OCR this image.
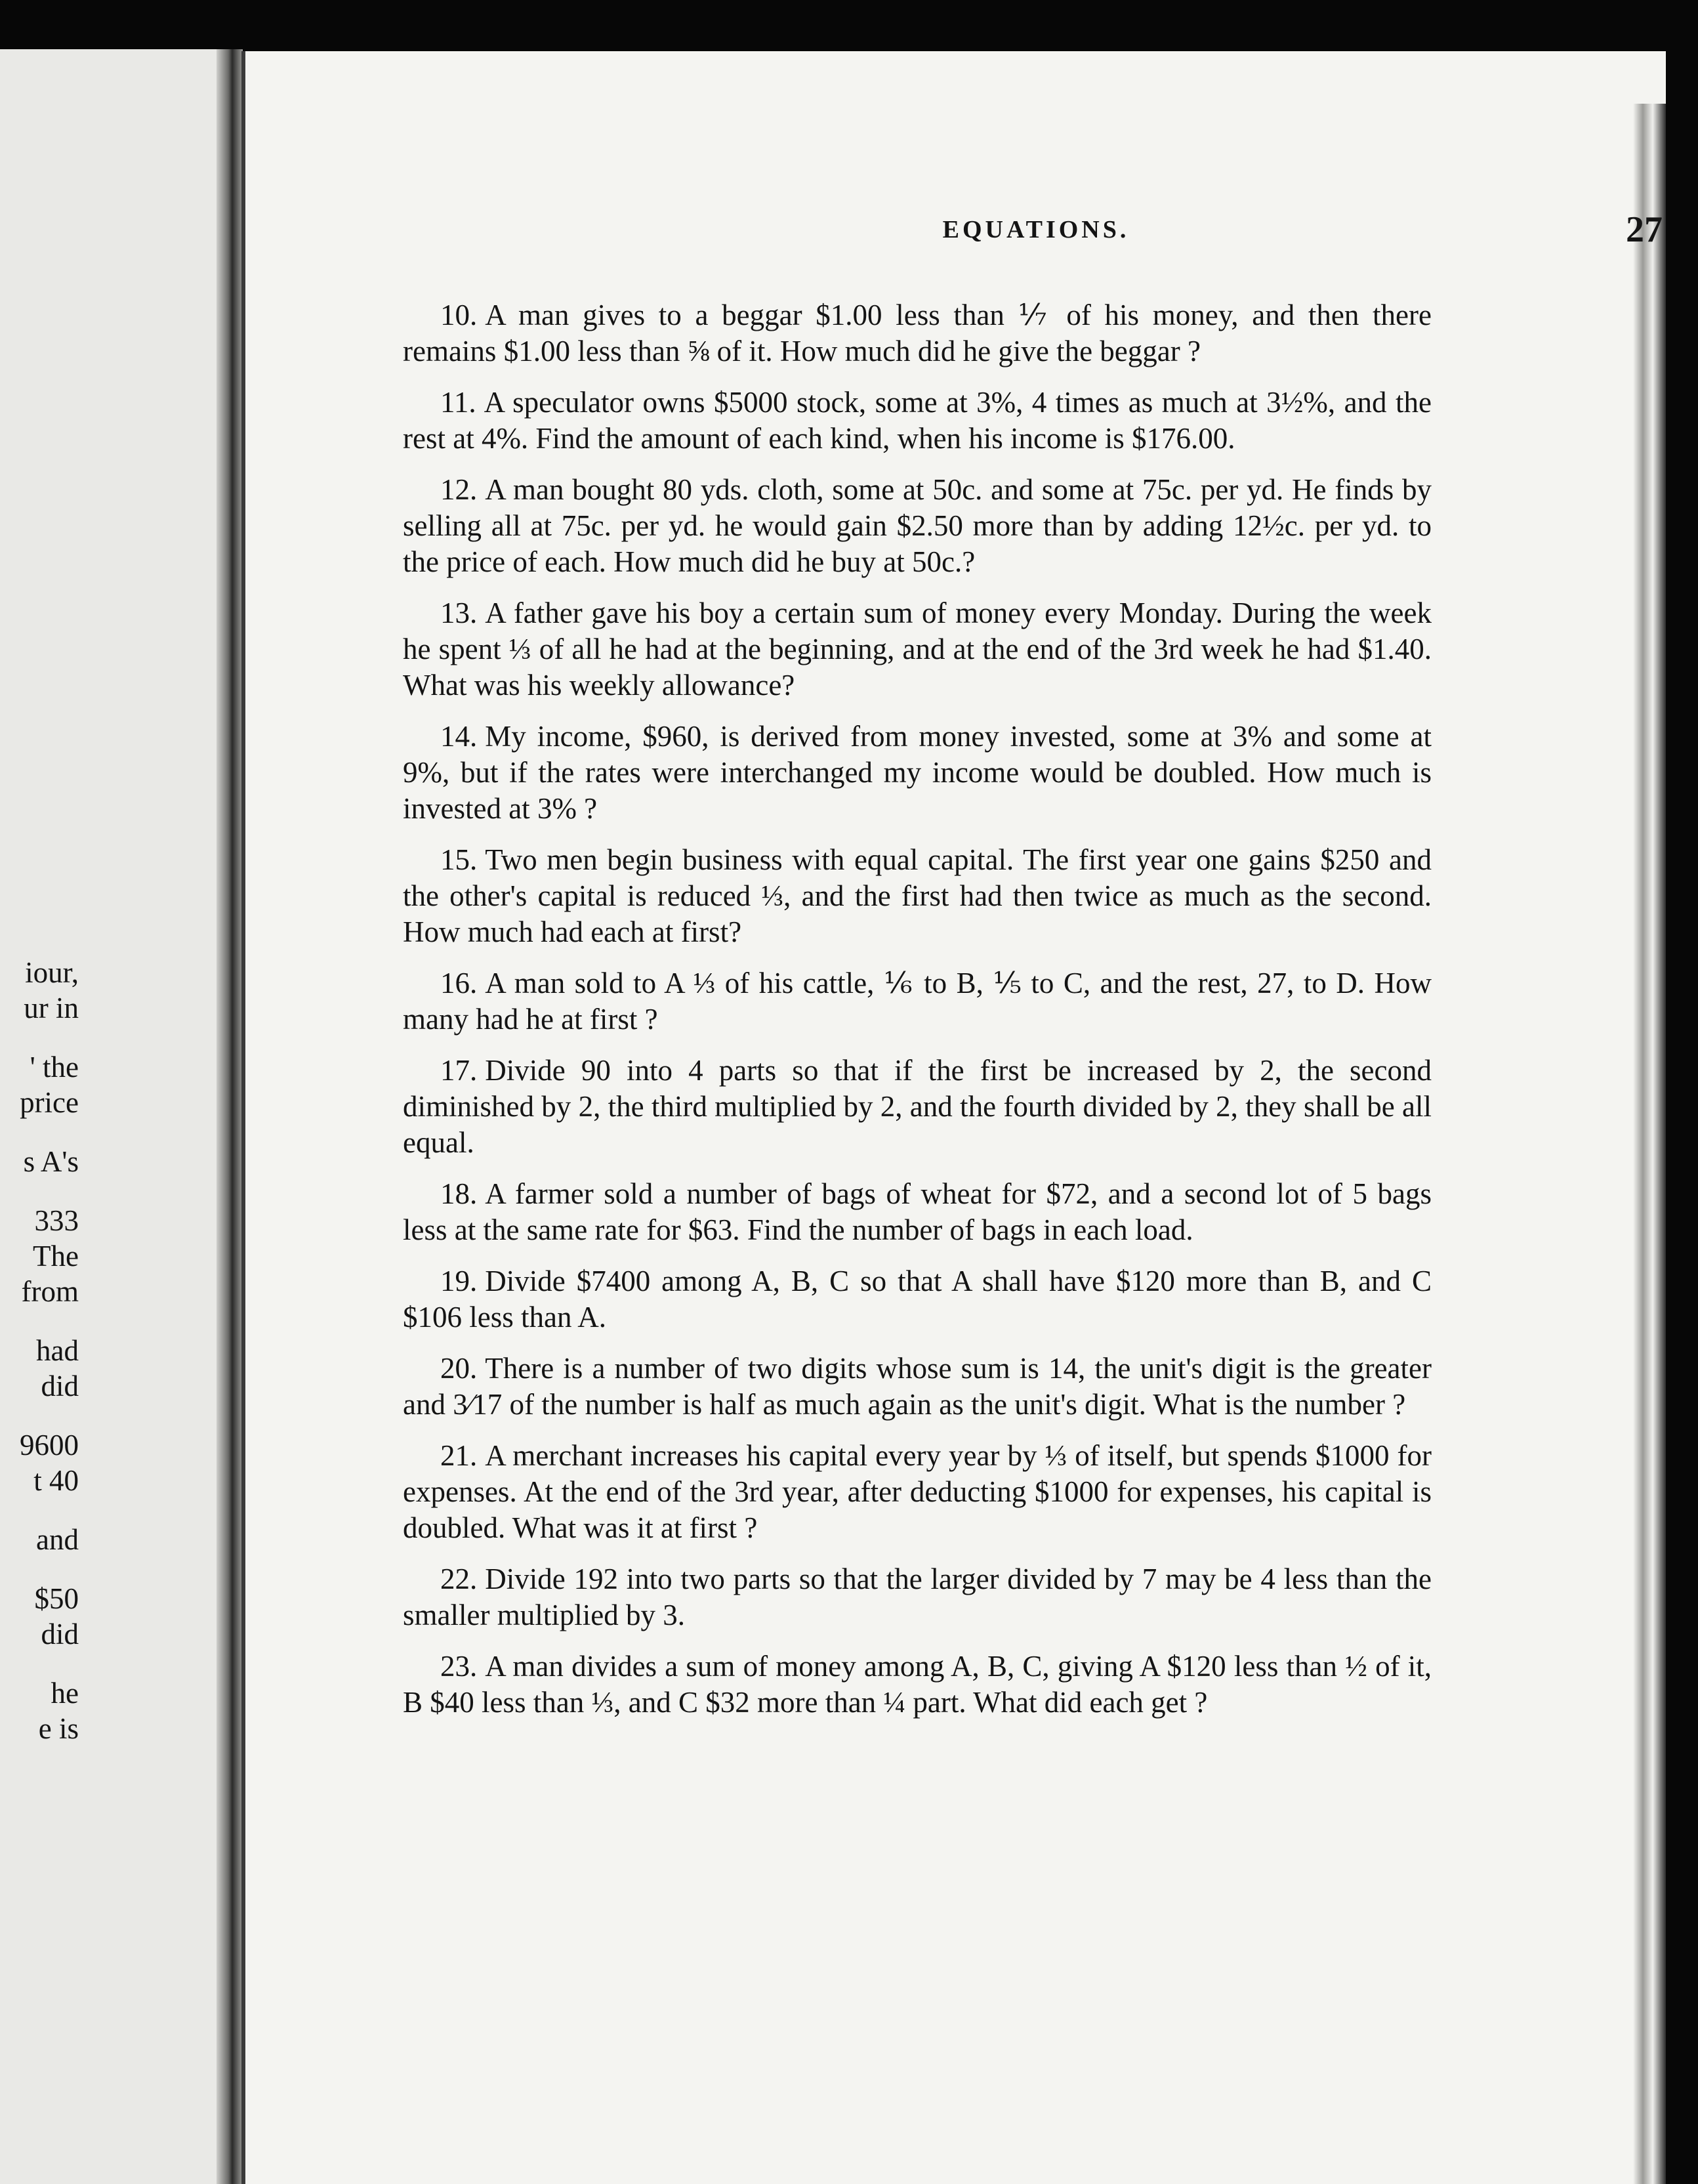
iour,
ur in
' the
price
s A's
333
The
from
had
did
9600
t 40
and
$50
did
he
e is
EQUATIONS.	27

10. A man gives to a beggar $1.00 less than ⅐ of his money, and then there remains $1.00 less than ⅝ of it. How much did he give the beggar ?

11. A speculator owns $5000 stock, some at 3%, 4 times as much at 3½%, and the rest at 4%. Find the amount of each kind, when his income is $176.00.

12. A man bought 80 yds. cloth, some at 50c. and some at 75c. per yd. He finds by selling all at 75c. per yd. he would gain $2.50 more than by adding 12½c. per yd. to the price of each. How much did he buy at 50c.?

13. A father gave his boy a certain sum of money every Monday. During the week he spent ⅓ of all he had at the beginning, and at the end of the 3rd week he had $1.40. What was his weekly allowance?

14. My income, $960, is derived from money invested, some at 3% and some at 9%, but if the rates were interchanged my income would be doubled. How much is invested at 3% ?

15. Two men begin business with equal capital. The first year one gains $250 and the other's capital is reduced ⅓, and the first had then twice as much as the second. How much had each at first?

16. A man sold to A ⅓ of his cattle, ⅙ to B, ⅕ to C, and the rest, 27, to D. How many had he at first ?

17. Divide 90 into 4 parts so that if the first be increased by 2, the second diminished by 2, the third multiplied by 2, and the fourth divided by 2, they shall be all equal.

18. A farmer sold a number of bags of wheat for $72, and a second lot of 5 bags less at the same rate for $63. Find the number of bags in each load.

19. Divide $7400 among A, B, C so that A shall have $120 more than B, and C $106 less than A.

20. There is a number of two digits whose sum is 14, the unit's digit is the greater and 3⁄17 of the number is half as much again as the unit's digit. What is the number ?

21. A merchant increases his capital every year by ⅓ of itself, but spends $1000 for expenses. At the end of the 3rd year, after deducting $1000 for expenses, his capital is doubled. What was it at first ?

22. Divide 192 into two parts so that the larger divided by 7 may be 4 less than the smaller multiplied by 3.

23. A man divides a sum of money among A, B, C, giving A $120 less than ½ of it, B $40 less than ⅓, and C $32 more than ¼ part. What did each get ?
